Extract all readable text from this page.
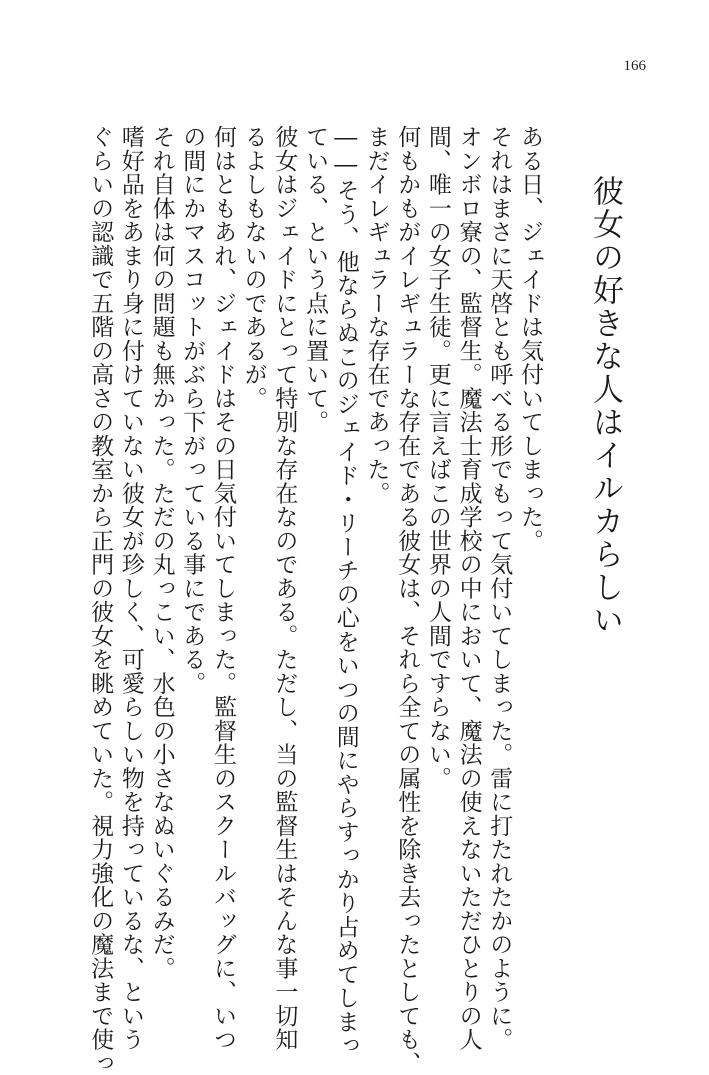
166
彼女の好きな人はイルカらしい

ある日、ジェイドは気付いてしまった。

それはまさに天啓とも呼べる形でもって気付いてしまった。雷に打たれたかのように。

オンボロ寮の、監督生。魔法士育成学校の中において、魔法の使えないただひとりの人

間、唯一の女子生徒。更に言えばこの世界の人間ですらない。

何もかもがイレギュラーな存在である彼女は、それら全ての属性を除き去ったとしても、

まだイレギュラーな存在であった。

――そう、他ならぬこのジェイド・リーチの心をいつの間にやらすっかり占めてしまっ

ている、という点に置いて。

彼女はジェイドにとって特別な存在なのである。ただし、当の監督生はそんな事一切知

るよしもないのであるが。

何はともあれ、ジェイドはその日気付いてしまった。監督生のスクールバッグに、いつ

の間にかマスコットがぶら下がっている事にである。

それ自体は何の問題も無かった。ただの丸っこい、水色の小さなぬいぐるみだ。

嗜好品をあまり身に付けていない彼女が珍しく、可愛らしい物を持っているな、という

ぐらいの認識で五階の高さの教室から正門の彼女を眺めていた。視力強化の魔法まで使っ
